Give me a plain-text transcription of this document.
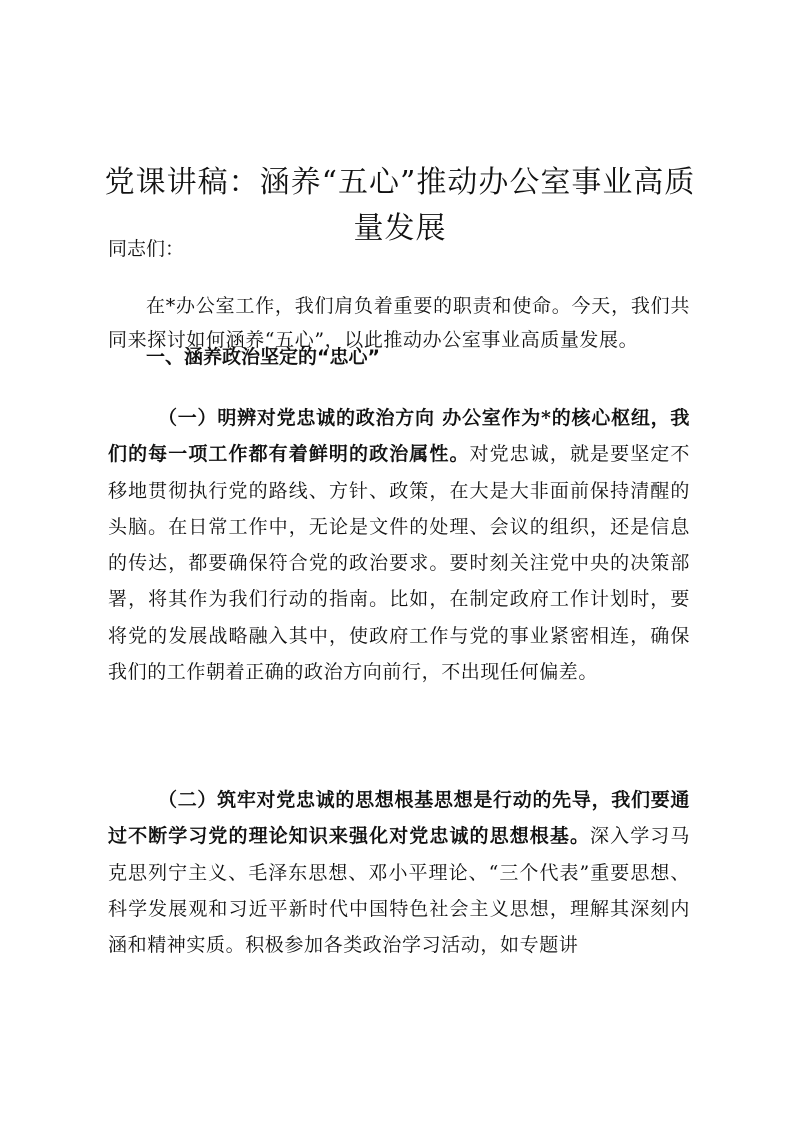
党课讲稿：涵养“五心”推动办公室事业高质量发展
同志们：

在*办公室工作，我们肩负着重要的职责和使命。今天，我们共同来探讨如何涵养“五心”，以此推动办公室事业高质量发展。

一、涵养政治坚定的“忠心”

（一）明辨对党忠诚的政治方向 办公室作为*的核心枢纽，我们的每一项工作都有着鲜明的政治属性。对党忠诚，就是要坚定不移地贯彻执行党的路线、方针、政策，在大是大非面前保持清醒的头脑。在日常工作中，无论是文件的处理、会议的组织，还是信息的传达，都要确保符合党的政治要求。要时刻关注党中央的决策部署，将其作为我们行动的指南。比如，在制定政府工作计划时，要将党的发展战略融入其中，使政府工作与党的事业紧密相连，确保我们的工作朝着正确的政治方向前行，不出现任何偏差。

（二）筑牢对党忠诚的思想根基思想是行动的先导，我们要通过不断学习党的理论知识来强化对党忠诚的思想根基。深入学习马克思列宁主义、毛泽东思想、邓小平理论、“三个代表”重要思想、科学发展观和习近平新时代中国特色社会主义思想，理解其深刻内涵和精神实质。积极参加各类政治学习活动，如专题讲
